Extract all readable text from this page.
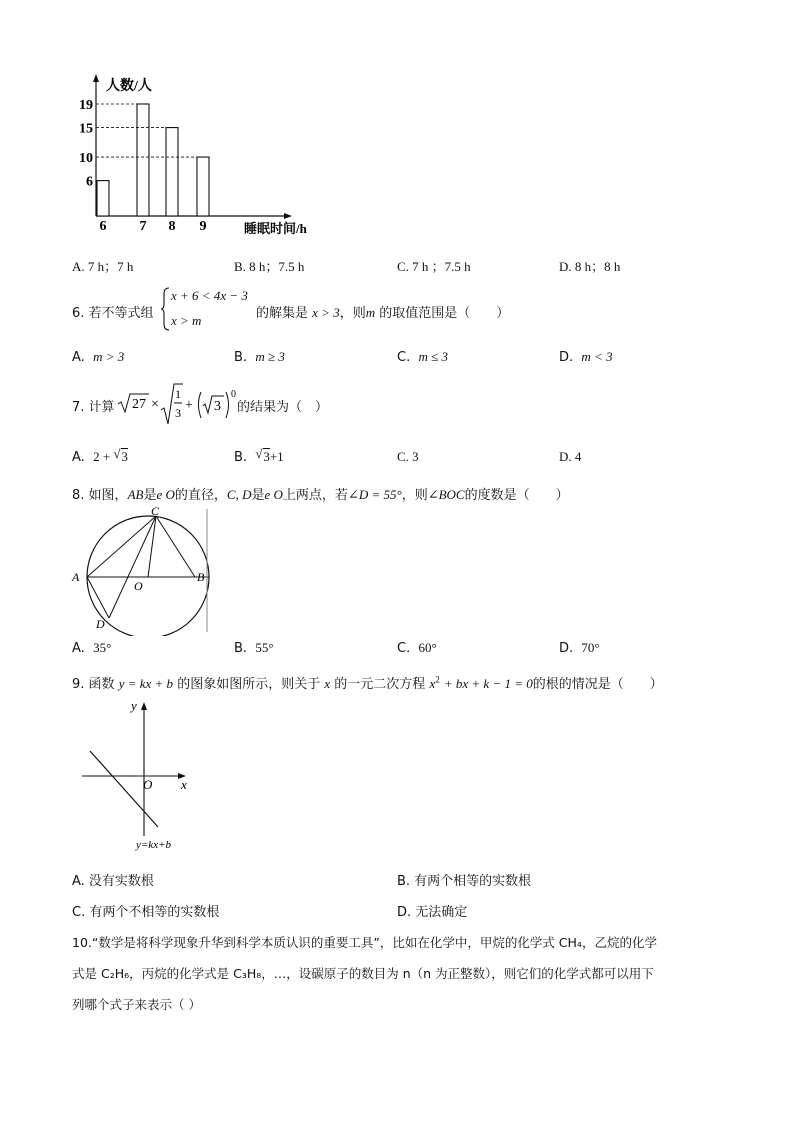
人数/人
睡眠时间/h
6 7 8 9
6
10
15
19
A. 7 h；7 h	B. 8 h；7.5 h	C. 7 h ；7.5 h	D. 8 h；8 h
6. 若不等式组
x + 6 < 4x − 3
x > m	的解集是 x > 3，则m 的取值范围是（　　）
A. m > 3	B. m ≥ 3	C. m ≤ 3	D. m < 3
7. 计算 27 ×
1
3 + 3
0
的结果为（　）
A. 2 + √ 3	B. √ 3+1	C. 3	D. 4
8. 如图，AB是e O的直径，C, D是e O上两点，若∠D = 55°，则∠BOC的度数是（　　）
C
A	B
O
D
A. 35°	B. 55°	C. 60°	D. 70°
9. 函数 y = kx + b 的图象如图所示，则关于 x 的一元二次方程 $x^2$ + bx + k − 1 = 0的根的情况是（　　）
y
x
O
y=kx+b
A. 没有实数根	B. 有两个相等的实数根
C. 有两个不相等的实数根	D. 无法确定
10.“数学是将科学现象升华到科学本质认识的重要工具”，比如在化学中，甲烷的化学式 CH₄，乙烷的化学
式是 C₂H₆，丙烷的化学式是 C₃H₈，…，设碳原子的数目为 n（n 为正整数），则它们的化学式都可以用下
列哪个式子来表示（ ）
